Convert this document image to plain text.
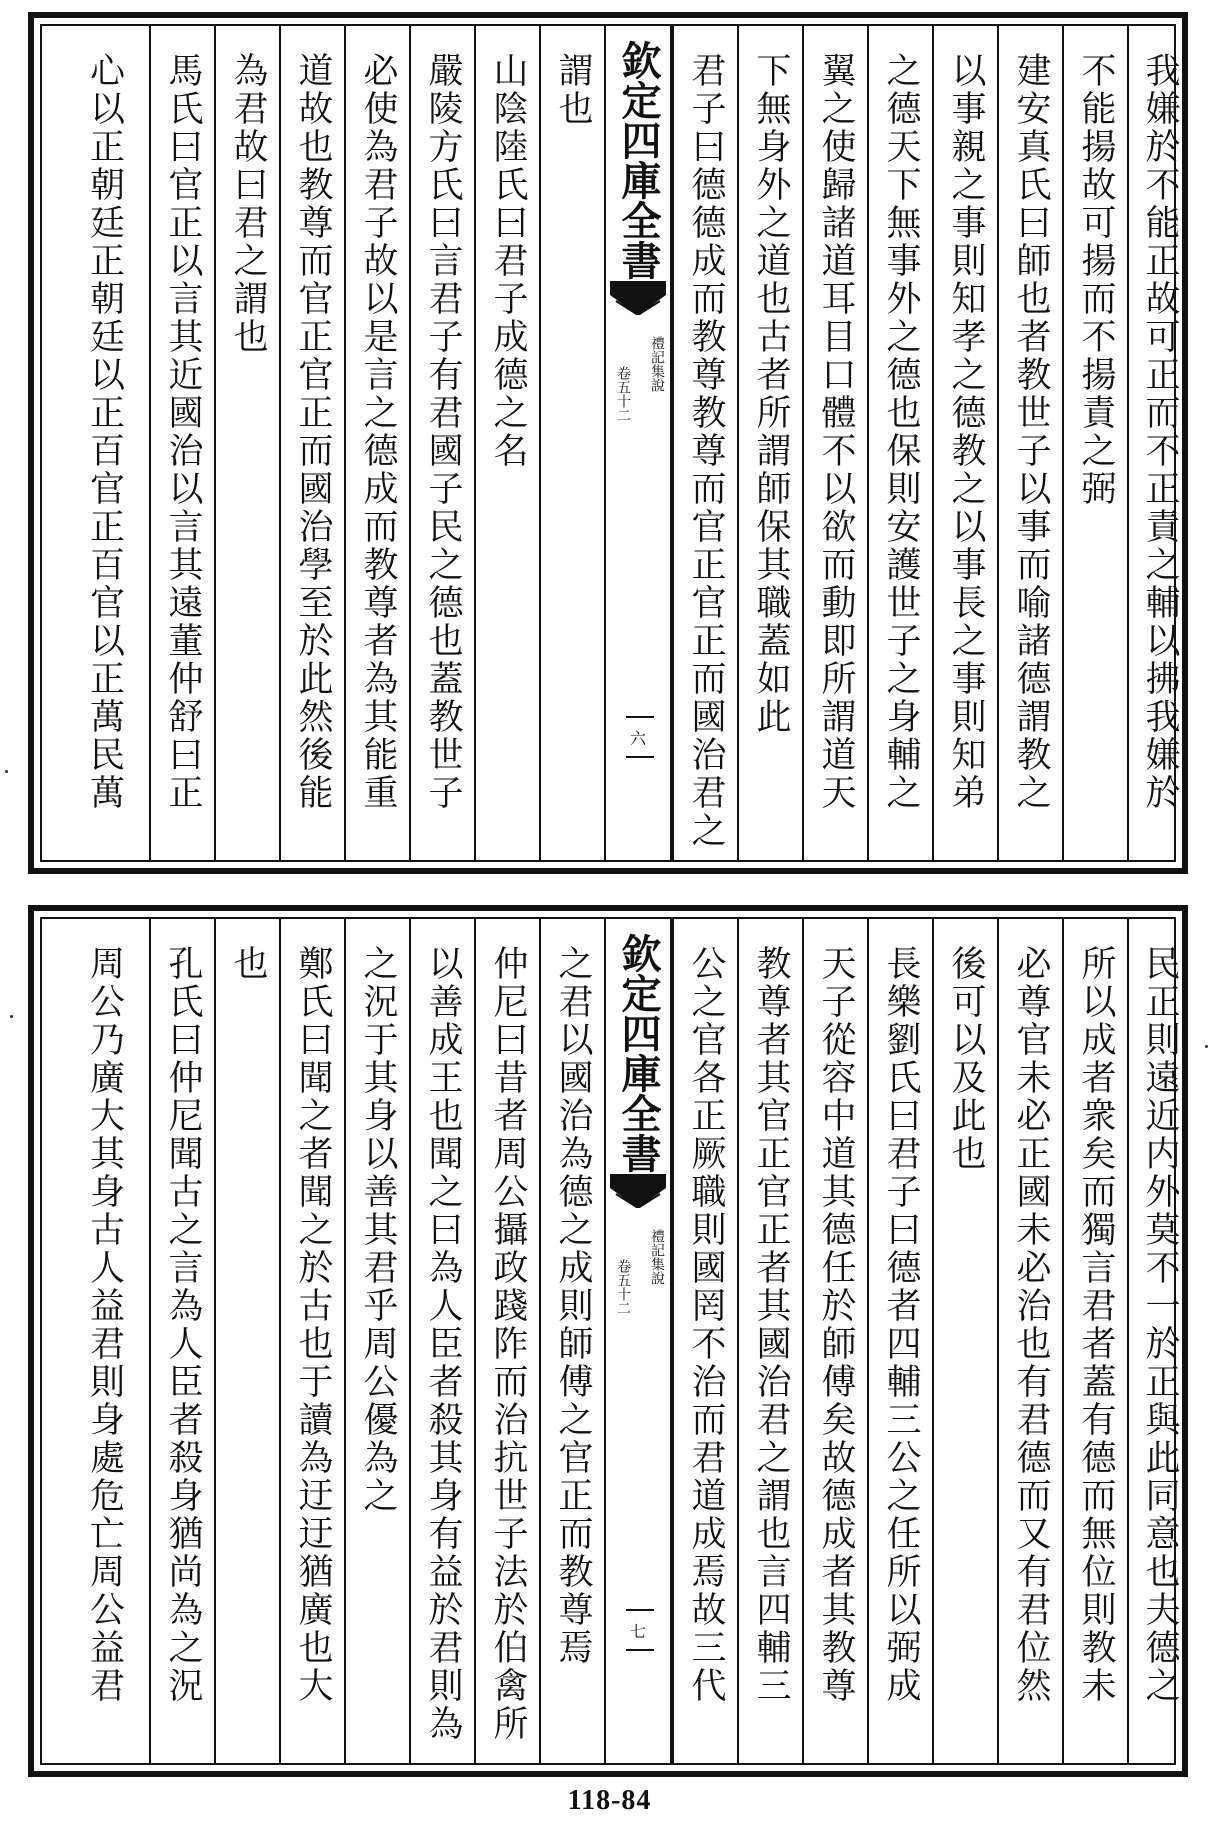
我嫌於不能正故可正而不正責之輔以拂我嫌於
不能揚故可揚而不揚責之弼
建安真氏曰師也者教世子以事而喻諸德謂教之
以事親之事則知孝之德教之以事長之事則知弟
之德天下無事外之德也保則安護世子之身輔之
翼之使歸諸道耳目口體不以欲而動即所謂道天
下無身外之道也古者所謂師保其職蓋如此
君子曰德德成而教尊教尊而官正官正而國治君之
欽定四庫全書
禮記集說
卷五十二
六
謂也
山陰陸氏曰君子成德之名
嚴陵方氏曰言君子有君國子民之德也蓋教世子
必使為君子故以是言之德成而教尊者為其能重
道故也教尊而官正官正而國治學至於此然後能
為君故曰君之謂也
馬氏曰官正以言其近國治以言其遠董仲舒曰正
心以正朝廷正朝廷以正百官正百官以正萬民萬
民正則遠近内外莫不一於正與此同意也夫德之
所以成者衆矣而獨言君者蓋有德而無位則教未
必尊官未必正國未必治也有君德而又有君位然
後可以及此也
長樂劉氏曰君子曰德者四輔三公之任所以弼成
天子從容中道其德任於師傅矣故德成者其教尊
教尊者其官正官正者其國治君之謂也言四輔三
公之官各正厥職則國罔不治而君道成焉故三代
欽定四庫全書
禮記集說
卷五十二
七
之君以國治為德之成則師傅之官正而教尊焉
仲尼曰昔者周公攝政踐阼而治抗世子法於伯禽所
以善成王也聞之曰為人臣者殺其身有益於君則為
之況于其身以善其君乎周公優為之
鄭氏曰聞之者聞之於古也于讀為迂迂猶廣也大
也
孔氏曰仲尼聞古之言為人臣者殺身猶尚為之況
周公乃廣大其身古人益君則身處危亡周公益君
118-84
